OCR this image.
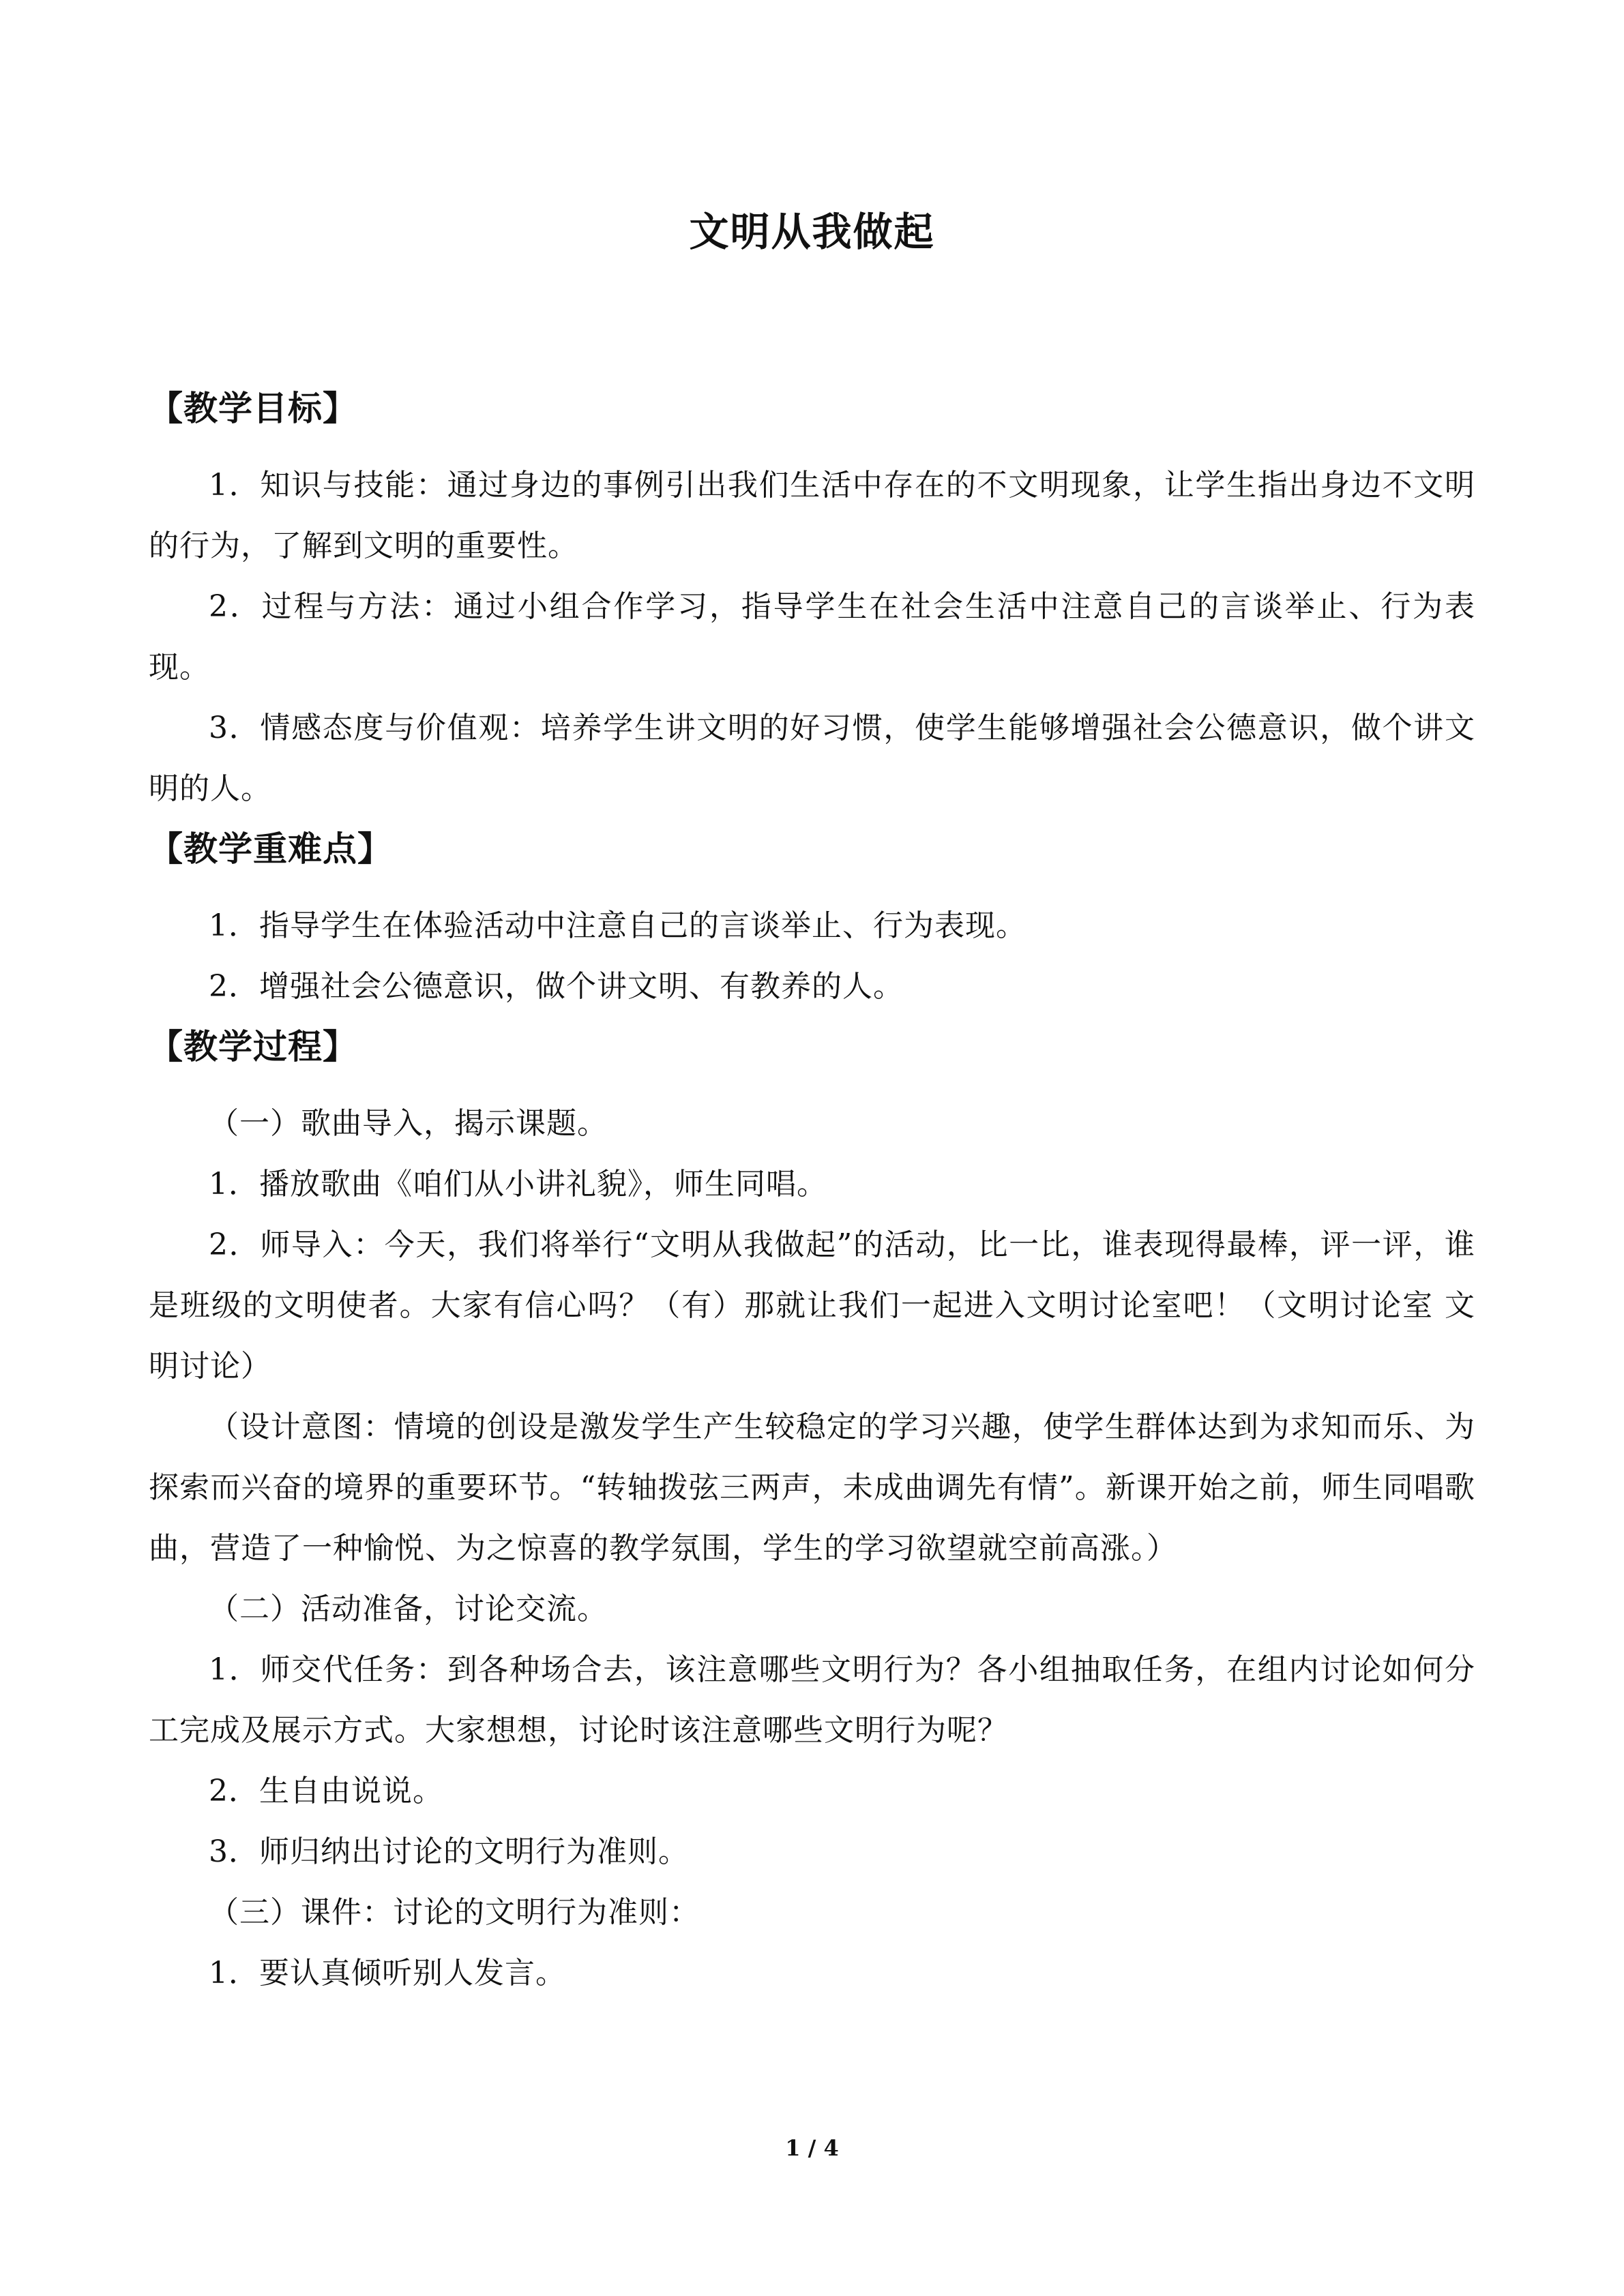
文明从我做起
【教学目标】

1．知识与技能：通过身边的事例引出我们生活中存在的不文明现象，让学生指出身边不文明的行为，了解到文明的重要性。

2．过程与方法：通过小组合作学习，指导学生在社会生活中注意自己的言谈举止、行为表现。

3．情感态度与价值观：培养学生讲文明的好习惯，使学生能够增强社会公德意识，做个讲文明的人。

【教学重难点】

1．指导学生在体验活动中注意自己的言谈举止、行为表现。

2．增强社会公德意识，做个讲文明、有教养的人。

【教学过程】

（一）歌曲导入，揭示课题。

1．播放歌曲《咱们从小讲礼貌》，师生同唱。

2．师导入：今天，我们将举行“文明从我做起”的活动，比一比，谁表现得最棒，评一评，谁是班级的文明使者。大家有信心吗？（有）那就让我们一起进入文明讨论室吧！（文明讨论室 文明讨论）

（设计意图：情境的创设是激发学生产生较稳定的学习兴趣，使学生群体达到为求知而乐、为探索而兴奋的境界的重要环节。“转轴拨弦三两声，未成曲调先有情”。新课开始之前，师生同唱歌曲，营造了一种愉悦、为之惊喜的教学氛围，学生的学习欲望就空前高涨。）

（二）活动准备，讨论交流。

1．师交代任务：到各种场合去，该注意哪些文明行为？各小组抽取任务，在组内讨论如何分工完成及展示方式。大家想想，讨论时该注意哪些文明行为呢？

2．生自由说说。

3．师归纳出讨论的文明行为准则。

（三）课件：讨论的文明行为准则：

1．要认真倾听别人发言。

1 / 4
